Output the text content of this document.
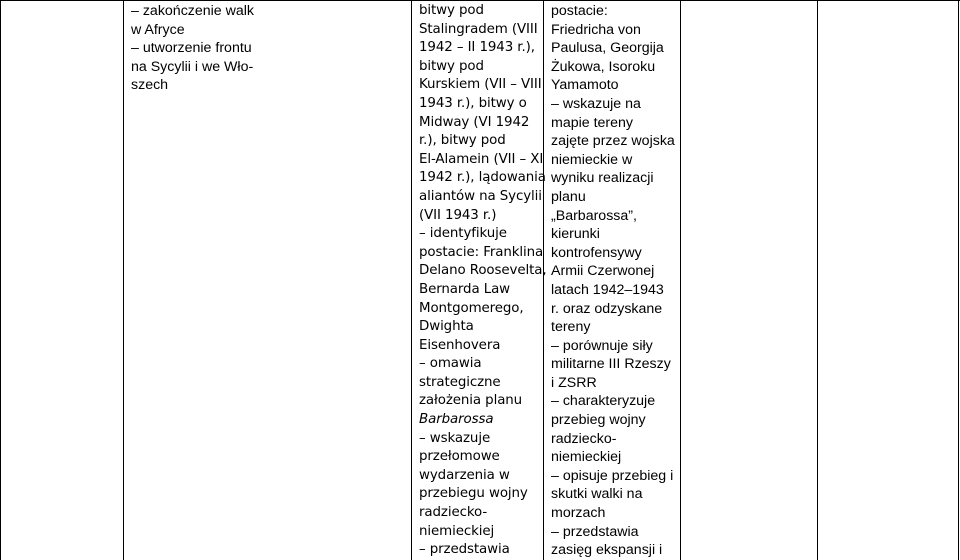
– zakończenie walk
w Afryce
– utworzenie frontu
na Sycylii i we Wło-
szech
bitwy pod
Stalingradem (VIII
1942 – II 1943 r.),
bitwy pod
Kurskiem (VII – VIII
1943 r.), bitwy o
Midway (VI 1942
r.), bitwy pod
El-Alamein (VII – XI
1942 r.), lądowania
aliantów na Sycylii
(VII 1943 r.)
– identyfikuje
postacie: Franklina
Delano Roosevelta,
Bernarda Law
Montgomerego,
Dwighta
Eisenhovera
– omawia
strategiczne
założenia planu
Barbarossa
– wskazuje
przełomowe
wydarzenia w
przebiegu wojny
radziecko-
niemieckiej
– przedstawia
postacie:
Friedricha von
Paulusa, Georgija
Żukowa, Isoroku
Yamamoto
– wskazuje na
mapie tereny
zajęte przez wojska
niemieckie w
wyniku realizacji
planu
„Barbarossa”,
kierunki
kontrofensywy
Armii Czerwonej
latach 1942–1943
r. oraz odzyskane
tereny
– porównuje siły
militarne III Rzeszy
i ZSRR
– charakteryzuje
przebieg wojny
radziecko-
niemieckiej
– opisuje przebieg i
skutki walki na
morzach
– przedstawia
zasięg ekspansji i
